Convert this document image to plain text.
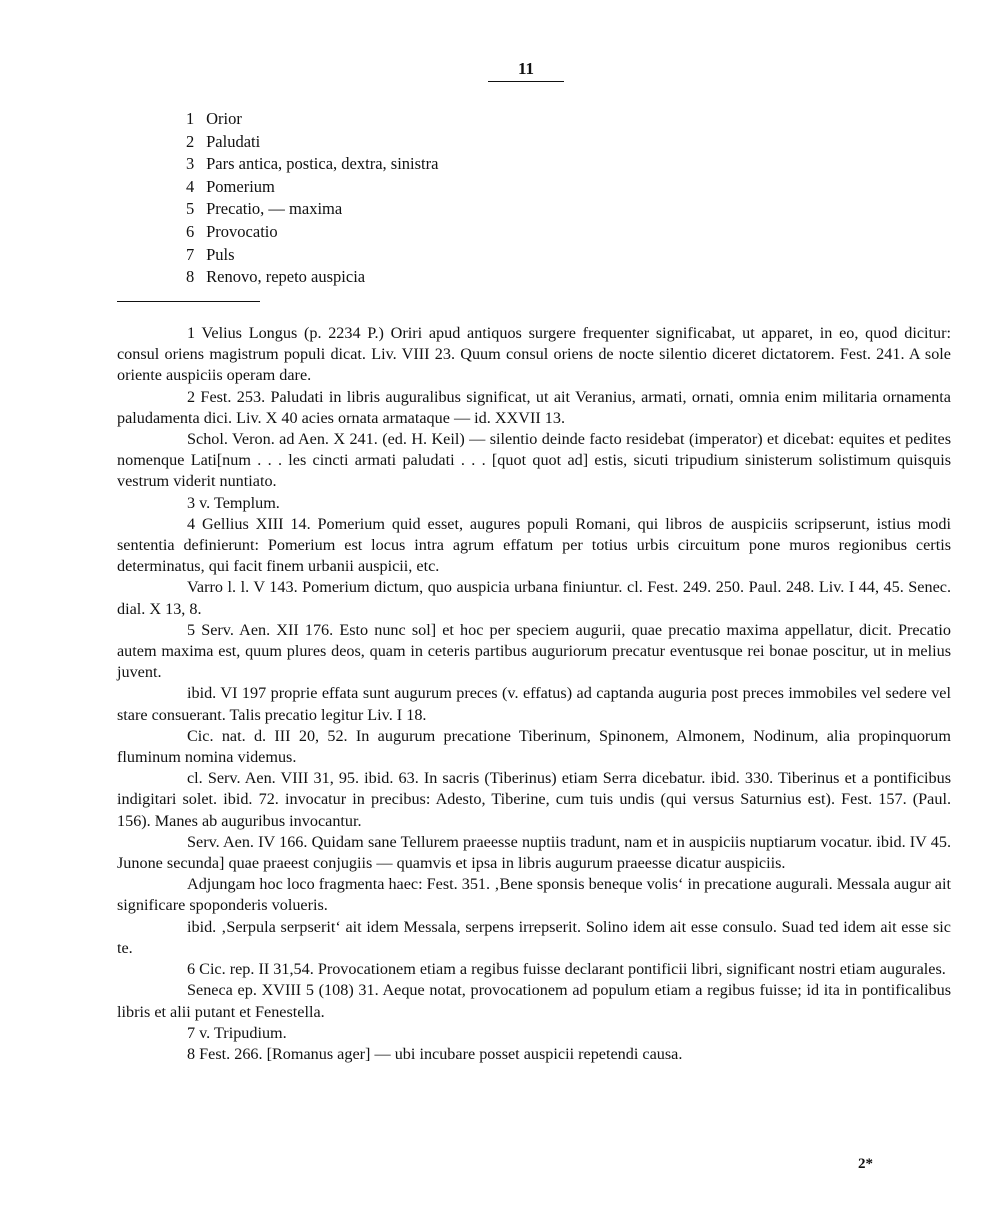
11
1 Orior
2 Paludati
3 Pars antica, postica, dextra, sinistra
4 Pomerium
5 Precatio, — maxima
6 Provocatio
7 Puls
8 Renovo, repeto auspicia

1 Velius Longus (p. 2234 P.) Oriri apud antiquos surgere frequenter significabat, ut apparet, in eo, quod dicitur: consul oriens magistrum populi dicat. Liv. VIII 23. Quum consul oriens de nocte silentio diceret dictatorem. Fest. 241. A sole oriente auspiciis operam dare.

2 Fest. 253. Paludati in libris auguralibus significat, ut ait Veranius, armati, ornati, omnia enim militaria ornamenta paludamenta dici. Liv. X 40 acies ornata armataque — id. XXVII 13.

Schol. Veron. ad Aen. X 241. (ed. H. Keil) — silentio deinde facto residebat (imperator) et dicebat: equites et pedites nomenque Lati[num . . . les cincti armati paludati . . . [quot quot ad] estis, sicuti tripudium sinisterum solistimum quisquis vestrum viderit nuntiato.

3 v. Templum.

4 Gellius XIII 14. Pomerium quid esset, augures populi Romani, qui libros de auspiciis scripserunt, istius modi sententia definierunt: Pomerium est locus intra agrum effatum per totius urbis circuitum pone muros regionibus certis determinatus, qui facit finem urbanii auspicii, etc.

Varro l. l. V 143. Pomerium dictum, quo auspicia urbana finiuntur. cl. Fest. 249. 250. Paul. 248. Liv. I 44, 45. Senec. dial. X 13, 8.

5 Serv. Aen. XII 176. Esto nunc sol] et hoc per speciem augurii, quae precatio maxima appellatur, dicit. Precatio autem maxima est, quum plures deos, quam in ceteris partibus auguriorum precatur eventusque rei bonae poscitur, ut in melius juvent.

ibid. VI 197 proprie effata sunt augurum preces (v. effatus) ad captanda auguria post preces immobiles vel sedere vel stare consuerant. Talis precatio legitur Liv. I 18.

Cic. nat. d. III 20, 52. In augurum precatione Tiberinum, Spinonem, Almonem, Nodinum, alia propinquorum fluminum nomina videmus.

cl. Serv. Aen. VIII 31, 95. ibid. 63. In sacris (Tiberinus) etiam Serra dicebatur. ibid. 330. Tiberinus et a pontificibus indigitari solet. ibid. 72. invocatur in precibus: Adesto, Tiberine, cum tuis undis (qui versus Saturnius est). Fest. 157. (Paul. 156). Manes ab auguribus invocantur.

Serv. Aen. IV 166. Quidam sane Tellurem praeesse nuptiis tradunt, nam et in auspiciis nuptiarum vocatur. ibid. IV 45. Junone secunda] quae praeest conjugiis — quamvis et ipsa in libris augurum praeesse dicatur auspiciis.

Adjungam hoc loco fragmenta haec: Fest. 351. ‚Bene sponsis beneque volis‘ in precatione augurali. Messala augur ait significare spoponderis volueris.

ibid. ‚Serpula serpserit‘ ait idem Messala, serpens irrepserit. Solino idem ait esse consulo. Suad ted idem ait esse sic te.

6 Cic. rep. II 31,54. Provocationem etiam a regibus fuisse declarant pontificii libri, significant nostri etiam augurales.

Seneca ep. XVIII 5 (108) 31. Aeque notat, provocationem ad populum etiam a regibus fuisse; id ita in pontificalibus libris et alii putant et Fenestella.

7 v. Tripudium.

8 Fest. 266. [Romanus ager] — ubi incubare posset auspicii repetendi causa.

2*
